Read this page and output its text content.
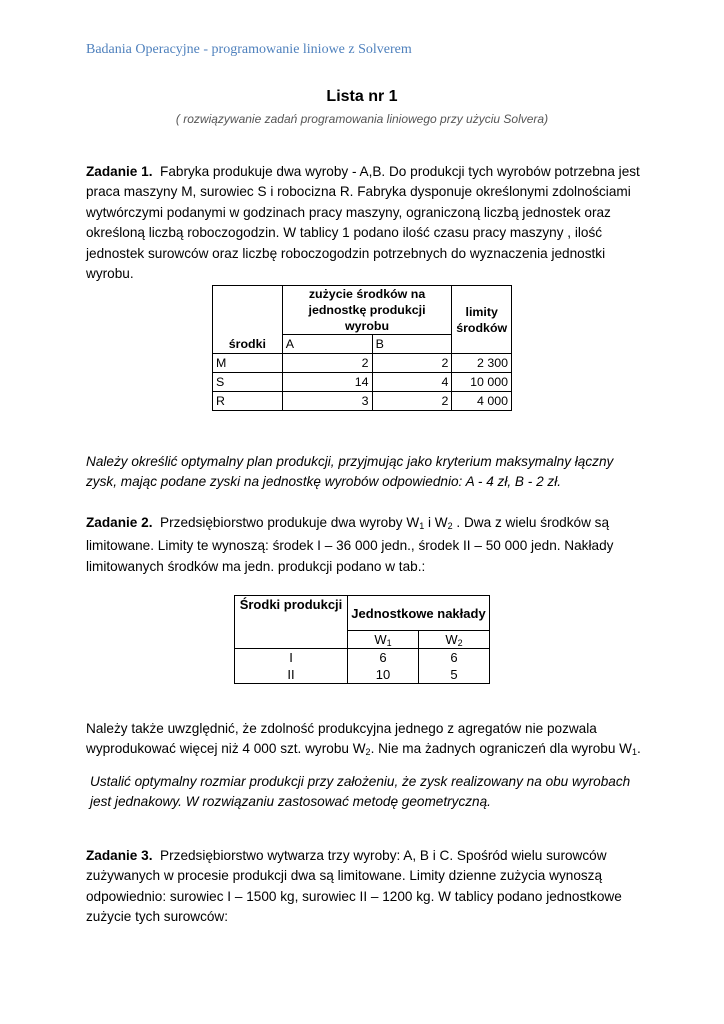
Badania Operacyjne - programowanie liniowe z Solverem
Lista nr 1
( rozwiązywanie zadań programowania liniowego przy użyciu Solvera)
Zadanie 1. Fabryka produkuje dwa wyroby - A,B. Do produkcji tych wyrobów potrzebna jest praca maszyny M, surowiec S i robocizna R. Fabryka dysponuje określonymi zdolnościami wytwórczymi podanymi w godzinach pracy maszyny, ograniczoną liczbą jednostek oraz określoną liczbą roboczogodzin. W tablicy 1 podano ilość czasu pracy maszyny , ilość jednostek surowców oraz liczbę roboczogodzin potrzebnych do wyznaczenia jednostki wyrobu.
środki	zużycie środków na jednostkę produkcji wyrobu		limity środków
	A	B	
M	2	2	2 300
S	14	4	10 000
R	3	2	4 000
Należy określić optymalny plan produkcji, przyjmując jako kryterium maksymalny łączny zysk, mając podane zyski na jednostkę wyrobów odpowiednio: A - 4 zł, B - 2 zł.
Zadanie 2. Przedsiębiorstwo produkuje dwa wyroby $W_1$ i $W_2$ . Dwa z wielu środków są limitowane. Limity te wynoszą: środek I – 36 000 jedn., środek II – 50 000 jedn. Nakłady limitowanych środków ma jedn. produkcji podano w tab.:
Środki produkcji	Jednostkowe nakłady	
	$W_1$	$W_2$
I	6	6
II	10	5
Należy także uwzględnić, że zdolność produkcyjna jednego z agregatów nie pozwala wyprodukować więcej niż 4 000 szt. wyrobu $W_2$. Nie ma żadnych ograniczeń dla wyrobu $W_1$.
Ustalić optymalny rozmiar produkcji przy założeniu, że zysk realizowany na obu wyrobach jest jednakowy. W rozwiązaniu zastosować metodę geometryczną.
Zadanie 3. Przedsiębiorstwo wytwarza trzy wyroby: A, B i C. Spośród wielu surowców zużywanych w procesie produkcji dwa są limitowane. Limity dzienne zużycia wynoszą odpowiednio: surowiec I – 1500 kg, surowiec II – 1200 kg. W tablicy podano jednostkowe zużycie tych surowców:
